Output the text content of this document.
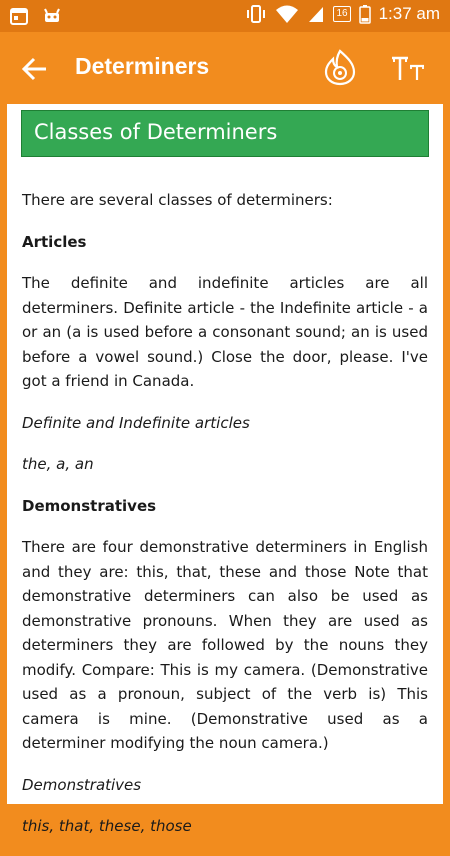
16 1:37 am
Determiners
Classes of Determiners

There are several classes of determiners:

Articles

The definite and indefinite articles are all determiners. Definite article - the Indefinite article - a or an (a is used before a consonant sound; an is used before a vowel sound.) Close the door, please. I've got a friend in Canada.

Definite and Indefinite articles

the, a, an

Demonstratives

There are four demonstrative determiners in English and they are: this, that, these and those Note that demonstrative determiners can also be used as demonstrative pronouns. When they are used as determiners they are followed by the nouns they modify. Compare: This is my camera. (Demonstrative used as a pronoun, subject of the verb is) This camera is mine. (Demonstrative used as a determiner modifying the noun camera.)

Demonstratives

this, that, these, those
